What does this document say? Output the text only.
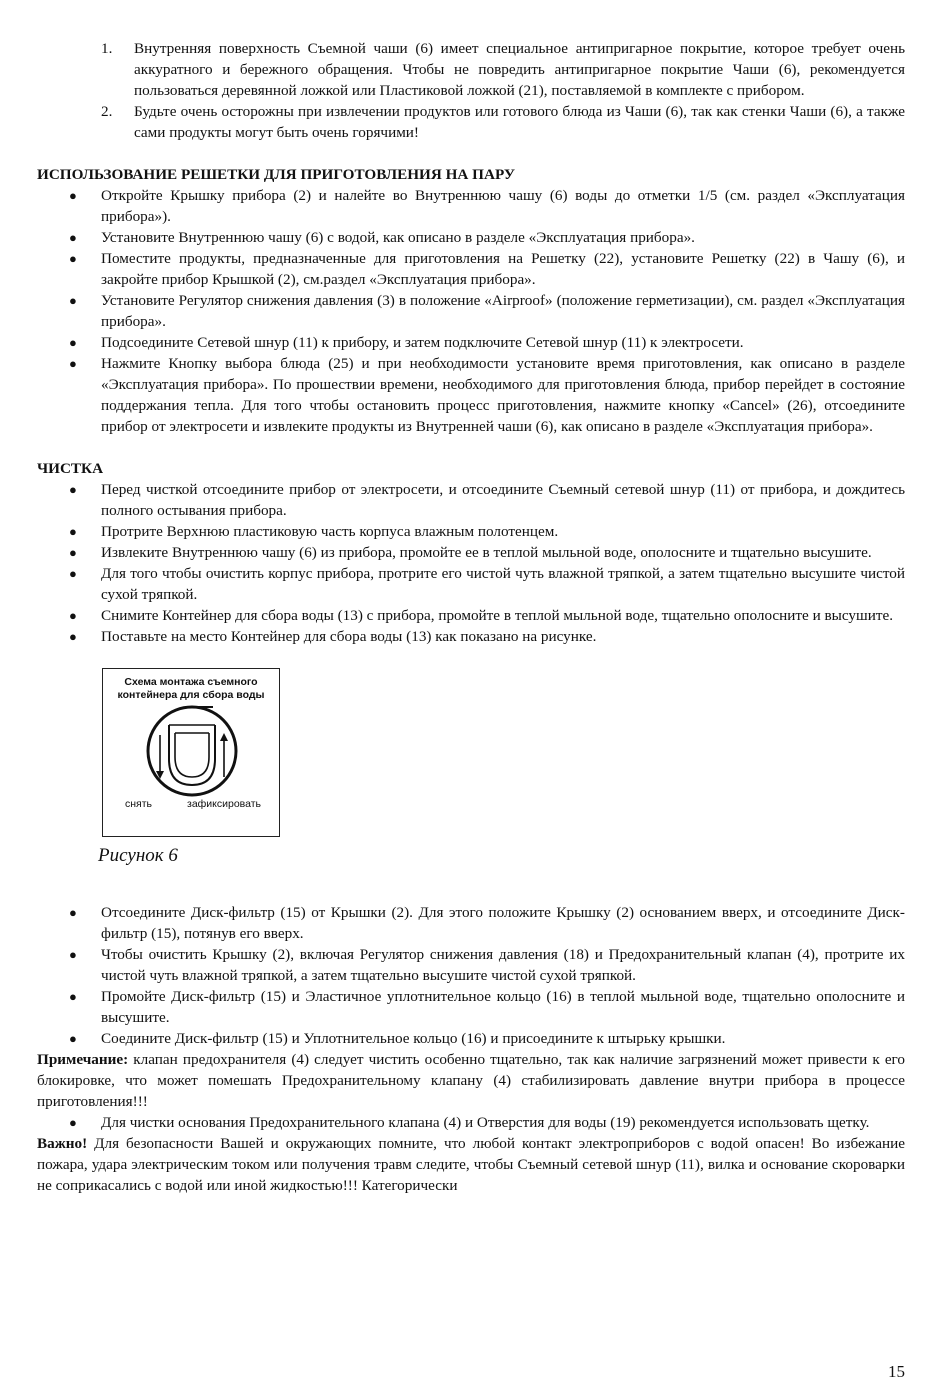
1. Внутренняя поверхность Съемной чаши (6) имеет специальное антипригарное покрытие, которое требует очень аккуратного и бережного обращения. Чтобы не повредить антипригарное покрытие Чаши (6), рекомендуется пользоваться деревянной ложкой или Пластиковой ложкой (21), поставляемой в комплекте с прибором.
2. Будьте очень осторожны при извлечении продуктов или готового блюда из Чаши (6), так как стенки Чаши (6), а также сами продукты могут быть очень горячими!

ИСПОЛЬЗОВАНИЕ РЕШЕТКИ ДЛЯ ПРИГОТОВЛЕНИЯ НА ПАРУ

● Откройте Крышку прибора (2) и налейте во Внутреннюю чашу (6) воды до отметки 1/5 (см. раздел «Эксплуатация прибора»).
● Установите Внутреннюю чашу (6) с водой, как описано в разделе «Эксплуатация прибора».
● Поместите продукты, предназначенные для приготовления на Решетку (22), установите Решетку (22) в Чашу (6), и закройте прибор Крышкой (2), см.раздел «Эксплуатация прибора».
● Установите Регулятор снижения давления (3) в положение «Airproof» (положение герметизации), см. раздел «Эксплуатация прибора».
● Подсоедините Сетевой шнур (11) к прибору, и затем подключите Сетевой шнур (11) к электросети.
● Нажмите Кнопку выбора блюда (25) и при необходимости установите время приготовления, как описано в разделе «Эксплуатация прибора». По прошествии времени, необходимого для приготовления блюда, прибор перейдет в состояние поддержания тепла. Для того чтобы остановить процесс приготовления, нажмите кнопку «Cancel» (26), отсоедините прибор от электросети и извлеките продукты из Внутренней чаши (6), как описано в разделе «Эксплуатация прибора».

ЧИСТКА

● Перед чисткой отсоедините прибор от электросети, и отсоедините Съемный сетевой шнур (11) от прибора, и дождитесь полного остывания прибора.
● Протрите Верхнюю пластиковую часть корпуса влажным полотенцем.
● Извлеките Внутреннюю чашу (6) из прибора, промойте ее в теплой мыльной воде, ополосните и тщательно высушите.
● Для того чтобы очистить корпус прибора, протрите его чистой чуть влажной тряпкой, а затем тщательно высушите чистой сухой тряпкой.
● Снимите Контейнер для сбора воды (13) с прибора, промойте в теплой мыльной воде, тщательно ополосните и высушите.
● Поставьте на место Контейнер для сбора воды (13) как показано на рисунке.
Схема монтажа съемного контейнера для сбора воды
снять	зафиксировать
Рисунок 6
● Отсоедините Диск-фильтр (15) от Крышки (2). Для этого положите Крышку (2) основанием вверх, и отсоедините Диск-фильтр (15), потянув его вверх.
● Чтобы очистить Крышку (2), включая Регулятор снижения давления (18) и Предохранительный клапан (4), протрите их чистой чуть влажной тряпкой, а затем тщательно высушите чистой сухой тряпкой.
● Промойте Диск-фильтр (15) и Эластичное уплотнительное кольцо (16) в теплой мыльной воде, тщательно ополосните и высушите.
● Соедините Диск-фильтр (15) и Уплотнительное кольцо (16) и присоедините к штырьку крышки.

Примечание: клапан предохранителя (4) следует чистить особенно тщательно, так как наличие загрязнений может привести к его блокировке, что может помешать Предохранительному клапану (4) стабилизировать давление внутри прибора в процессе приготовления!!!

● Для чистки основания Предохранительного клапана (4) и Отверстия для воды (19) рекомендуется использовать щетку.

Важно! Для безопасности Вашей и окружающих помните, что любой контакт электроприборов с водой опасен! Во избежание пожара, удара электрическим током или получения травм следите, чтобы Съемный сетевой шнур (11), вилка и основание скороварки не соприкасались с водой или иной жидкостью!!! Категорически

15
